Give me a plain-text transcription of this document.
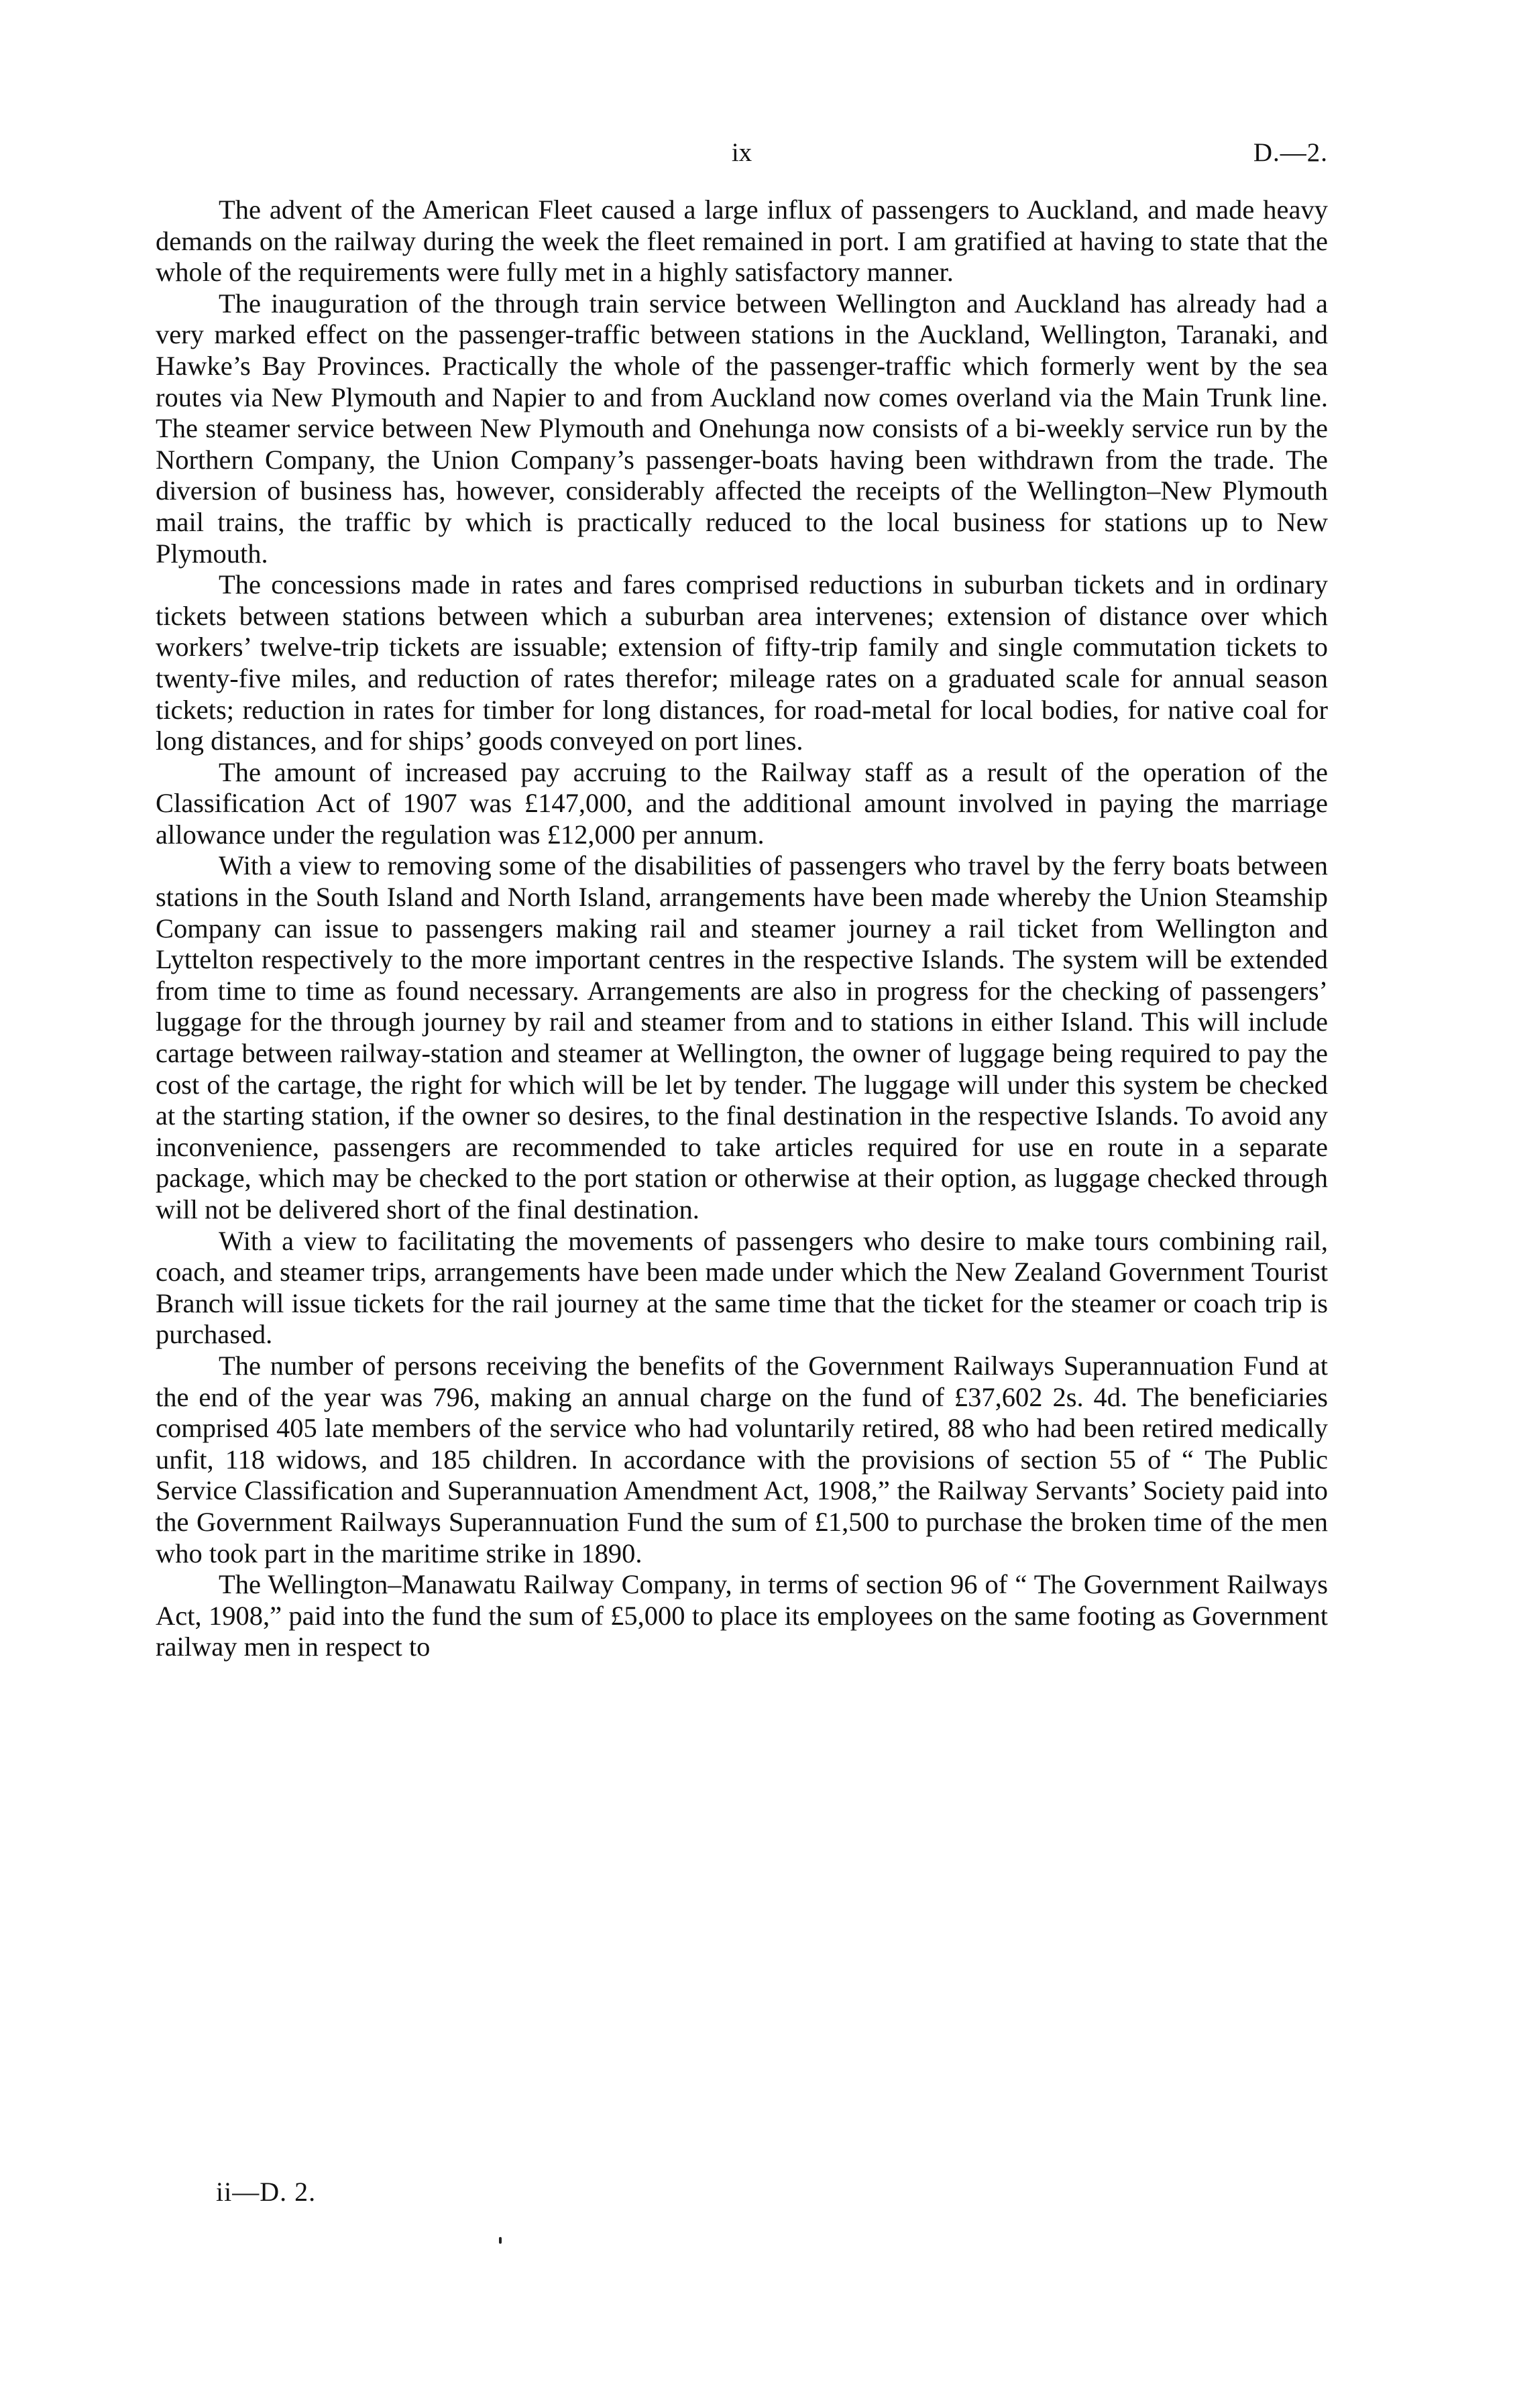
ix	D.—2.

The advent of the American Fleet caused a large influx of passengers to Auckland, and made heavy demands on the railway during the week the fleet remained in port. I am gratified at having to state that the whole of the requirements were fully met in a highly satisfactory manner.

The inauguration of the through train service between Wellington and Auckland has already had a very marked effect on the passenger-traffic between stations in the Auckland, Wellington, Taranaki, and Hawke’s Bay Provinces. Practically the whole of the passenger-traffic which formerly went by the sea routes via New Plymouth and Napier to and from Auckland now comes overland via the Main Trunk line. The steamer service between New Plymouth and Onehunga now consists of a bi-weekly service run by the Northern Company, the Union Company’s passenger-boats having been withdrawn from the trade. The diversion of business has, however, considerably affected the receipts of the Wellington–New Plymouth mail trains, the traffic by which is practically reduced to the local business for stations up to New Plymouth.

The concessions made in rates and fares comprised reductions in suburban tickets and in ordinary tickets between stations between which a suburban area intervenes; extension of distance over which workers’ twelve-trip tickets are issuable; extension of fifty-trip family and single commutation tickets to twenty-five miles, and reduction of rates therefor; mileage rates on a graduated scale for annual season tickets; reduction in rates for timber for long distances, for road-metal for local bodies, for native coal for long distances, and for ships’ goods conveyed on port lines.

The amount of increased pay accruing to the Railway staff as a result of the operation of the Classification Act of 1907 was £147,000, and the additional amount involved in paying the marriage allowance under the regulation was £12,000 per annum.

With a view to removing some of the disabilities of passengers who travel by the ferry boats between stations in the South Island and North Island, arrangements have been made whereby the Union Steamship Company can issue to passengers making rail and steamer journey a rail ticket from Wellington and Lyttelton respectively to the more important centres in the respective Islands. The system will be extended from time to time as found necessary. Arrangements are also in progress for the checking of passengers’ luggage for the through journey by rail and steamer from and to stations in either Island. This will include cartage between railway-station and steamer at Wellington, the owner of luggage being required to pay the cost of the cartage, the right for which will be let by tender. The luggage will under this system be checked at the starting station, if the owner so desires, to the final destination in the respective Islands. To avoid any inconvenience, passengers are recommended to take articles required for use en route in a separate package, which may be checked to the port station or otherwise at their option, as luggage checked through will not be delivered short of the final destination.

With a view to facilitating the movements of passengers who desire to make tours combining rail, coach, and steamer trips, arrangements have been made under which the New Zealand Government Tourist Branch will issue tickets for the rail journey at the same time that the ticket for the steamer or coach trip is purchased.

The number of persons receiving the benefits of the Government Railways Superannuation Fund at the end of the year was 796, making an annual charge on the fund of £37,602 2s. 4d. The beneficiaries comprised 405 late members of the service who had voluntarily retired, 88 who had been retired medically unfit, 118 widows, and 185 children. In accordance with the provisions of section 55 of “ The Public Service Classification and Superannuation Amendment Act, 1908,” the Railway Servants’ Society paid into the Government Railways Superannuation Fund the sum of £1,500 to purchase the broken time of the men who took part in the maritime strike in 1890.

The Wellington–Manawatu Railway Company, in terms of section 96 of “ The Government Railways Act, 1908,” paid into the fund the sum of £5,000 to place its employees on the same footing as Government railway men in respect to

ii—D. 2.
